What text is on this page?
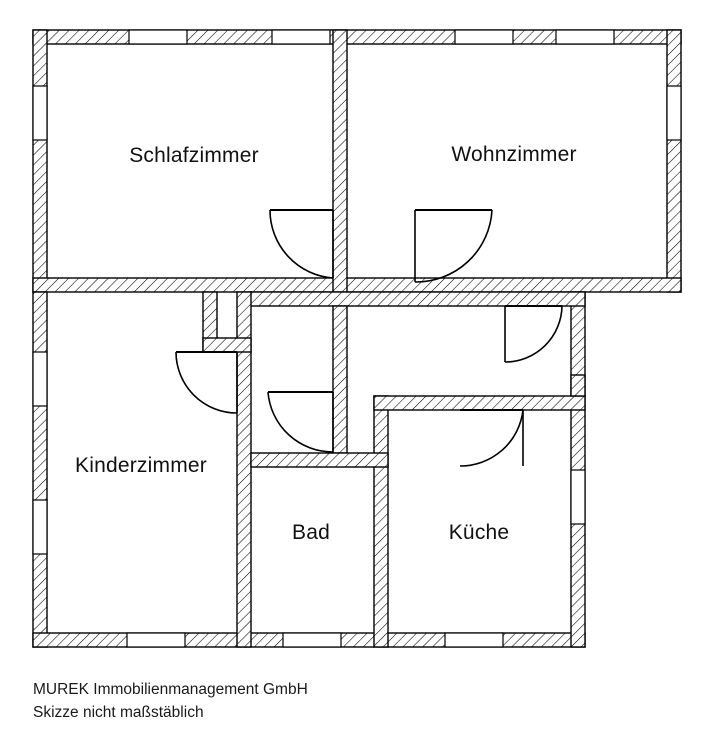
Schlafzimmer	Wohnzimmer
Kinderzimmer
Bad	Küche
MUREK Immobilienmanagement GmbH
Skizze nicht maßstäblich
